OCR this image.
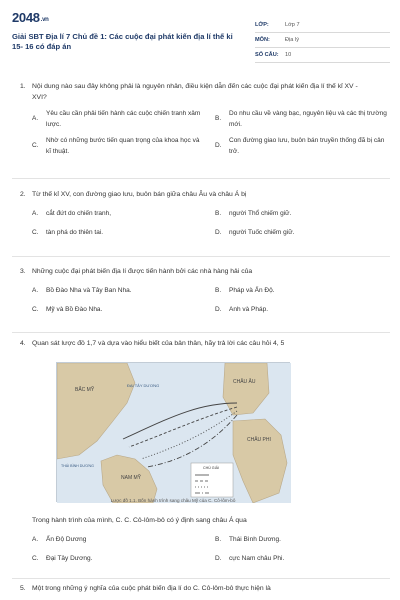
2048.vn
Giải SBT Địa lí 7 Chủ đề 1: Các cuộc đại phát kiến địa lí thế kỉ 15- 16 có đáp án
LỚP:	Lớp 7
MÔN:	Địa lý
SỐ CÂU:	10
1. Nội dung nào sau đây không phải là nguyên nhân, điều kiện dẫn đến các cuộc đại phát kiến địa lí thế kỉ XV - XVI?
A.
Yêu cầu cần phải tiến hành các cuộc chiến tranh xâm lược.
B.
Do nhu cầu về vàng bạc, nguyên liệu và các thị trường mới.
C.
Nhờ có những bước tiến quan trọng của khoa học và kĩ thuật.
D.
Con đường giao lưu, buôn bán truyền thống đã bị cản trở.
2. Từ thế kỉ XV, con đường giao lưu, buôn bán giữa châu Âu và châu Á bị
A.	cắt đứt do chiến tranh,	B.	người Thổ chiếm giữ.
C.	tàn phá do thiên tai.	D.	người Tuốc chiếm giữ.
3. Những cuộc đại phát biến địa lí được tiến hành bởi các nhà hàng hải của
A.	Bồ Đào Nha và Tây Ban Nha.	B.	Pháp và Ấn Độ.
C.	Mỹ và Bồ Đào Nha.	D.	Anh và Pháp.
4. Quan sát lược đồ 1,7 và dựa vào hiểu biết của bản thân, hãy trả lời các câu hỏi 4, 5
BẮC MỸ
ĐẠI TÂY DƯƠNG
CHÂU ÂU
CHÂU PHI
NAM MỸ
THÁI BÌNH DƯƠNG	CHÚ GIẢI
Lược đồ 1.1. Bốn hành trình sang châu Mỹ của C. Cô-lôm-bô
Trong hành trình của mình, C. C. Cô-lôm-bô có ý định sang châu Á qua
A.	Ấn Độ Dương	B.	Thái Bình Dương.
C.	Đại Tây Dương.	D.	cực Nam châu Phi.
5. Một trong những ý nghĩa của cuộc phát biến địa lí do C. Cô-lôm-bô thực hiện là
